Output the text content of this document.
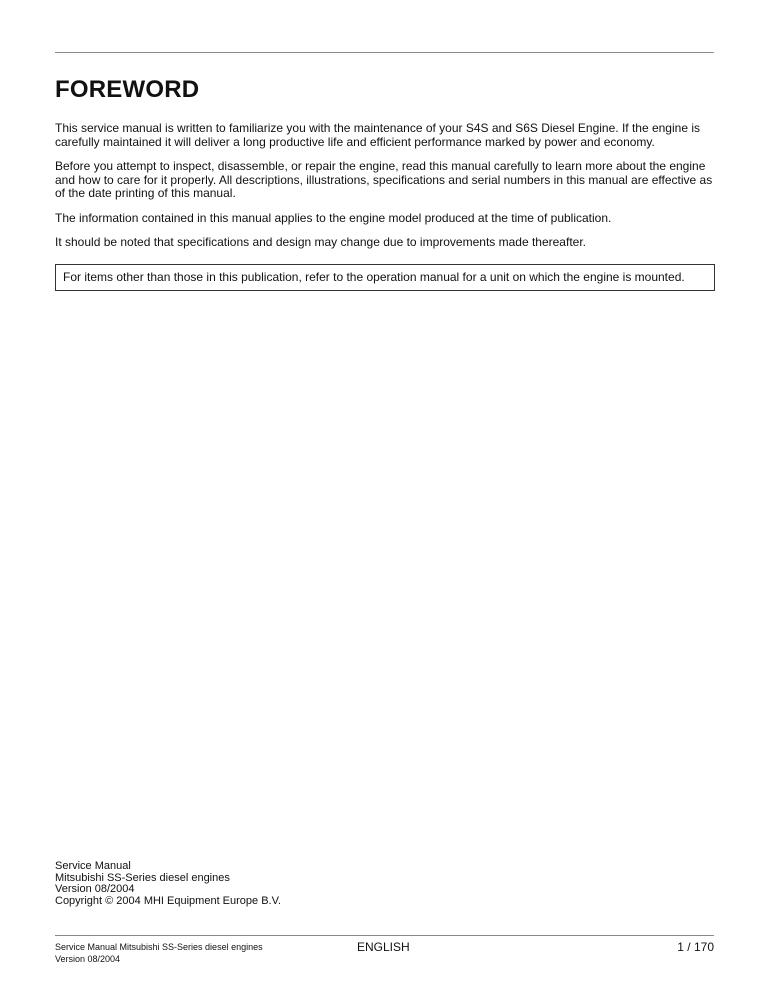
FOREWORD

This service manual is written to familiarize you with the maintenance of your S4S and S6S Diesel Engine. If the engine is carefully maintained it will deliver a long productive life and efficient performance marked by power and economy.

Before you attempt to inspect, disassemble, or repair the engine, read this manual carefully to learn more about the engine and how to care for it properly. All descriptions, illustrations, specifications and serial numbers in this manual are effective as of the date printing of this manual.

The information contained in this manual applies to the engine model produced at the time of publication.

It should be noted that specifications and design may change due to improvements made thereafter.

For items other than those in this publication, refer to the operation manual for a unit on which the engine is mounted.
Service Manual
Mitsubishi SS-Series diesel engines
Version 08/2004
Copyright © 2004 MHI Equipment Europe B.V.
Service Manual Mitsubishi SS-Series diesel engines
Version 08/2004
ENGLISH	1 / 170
